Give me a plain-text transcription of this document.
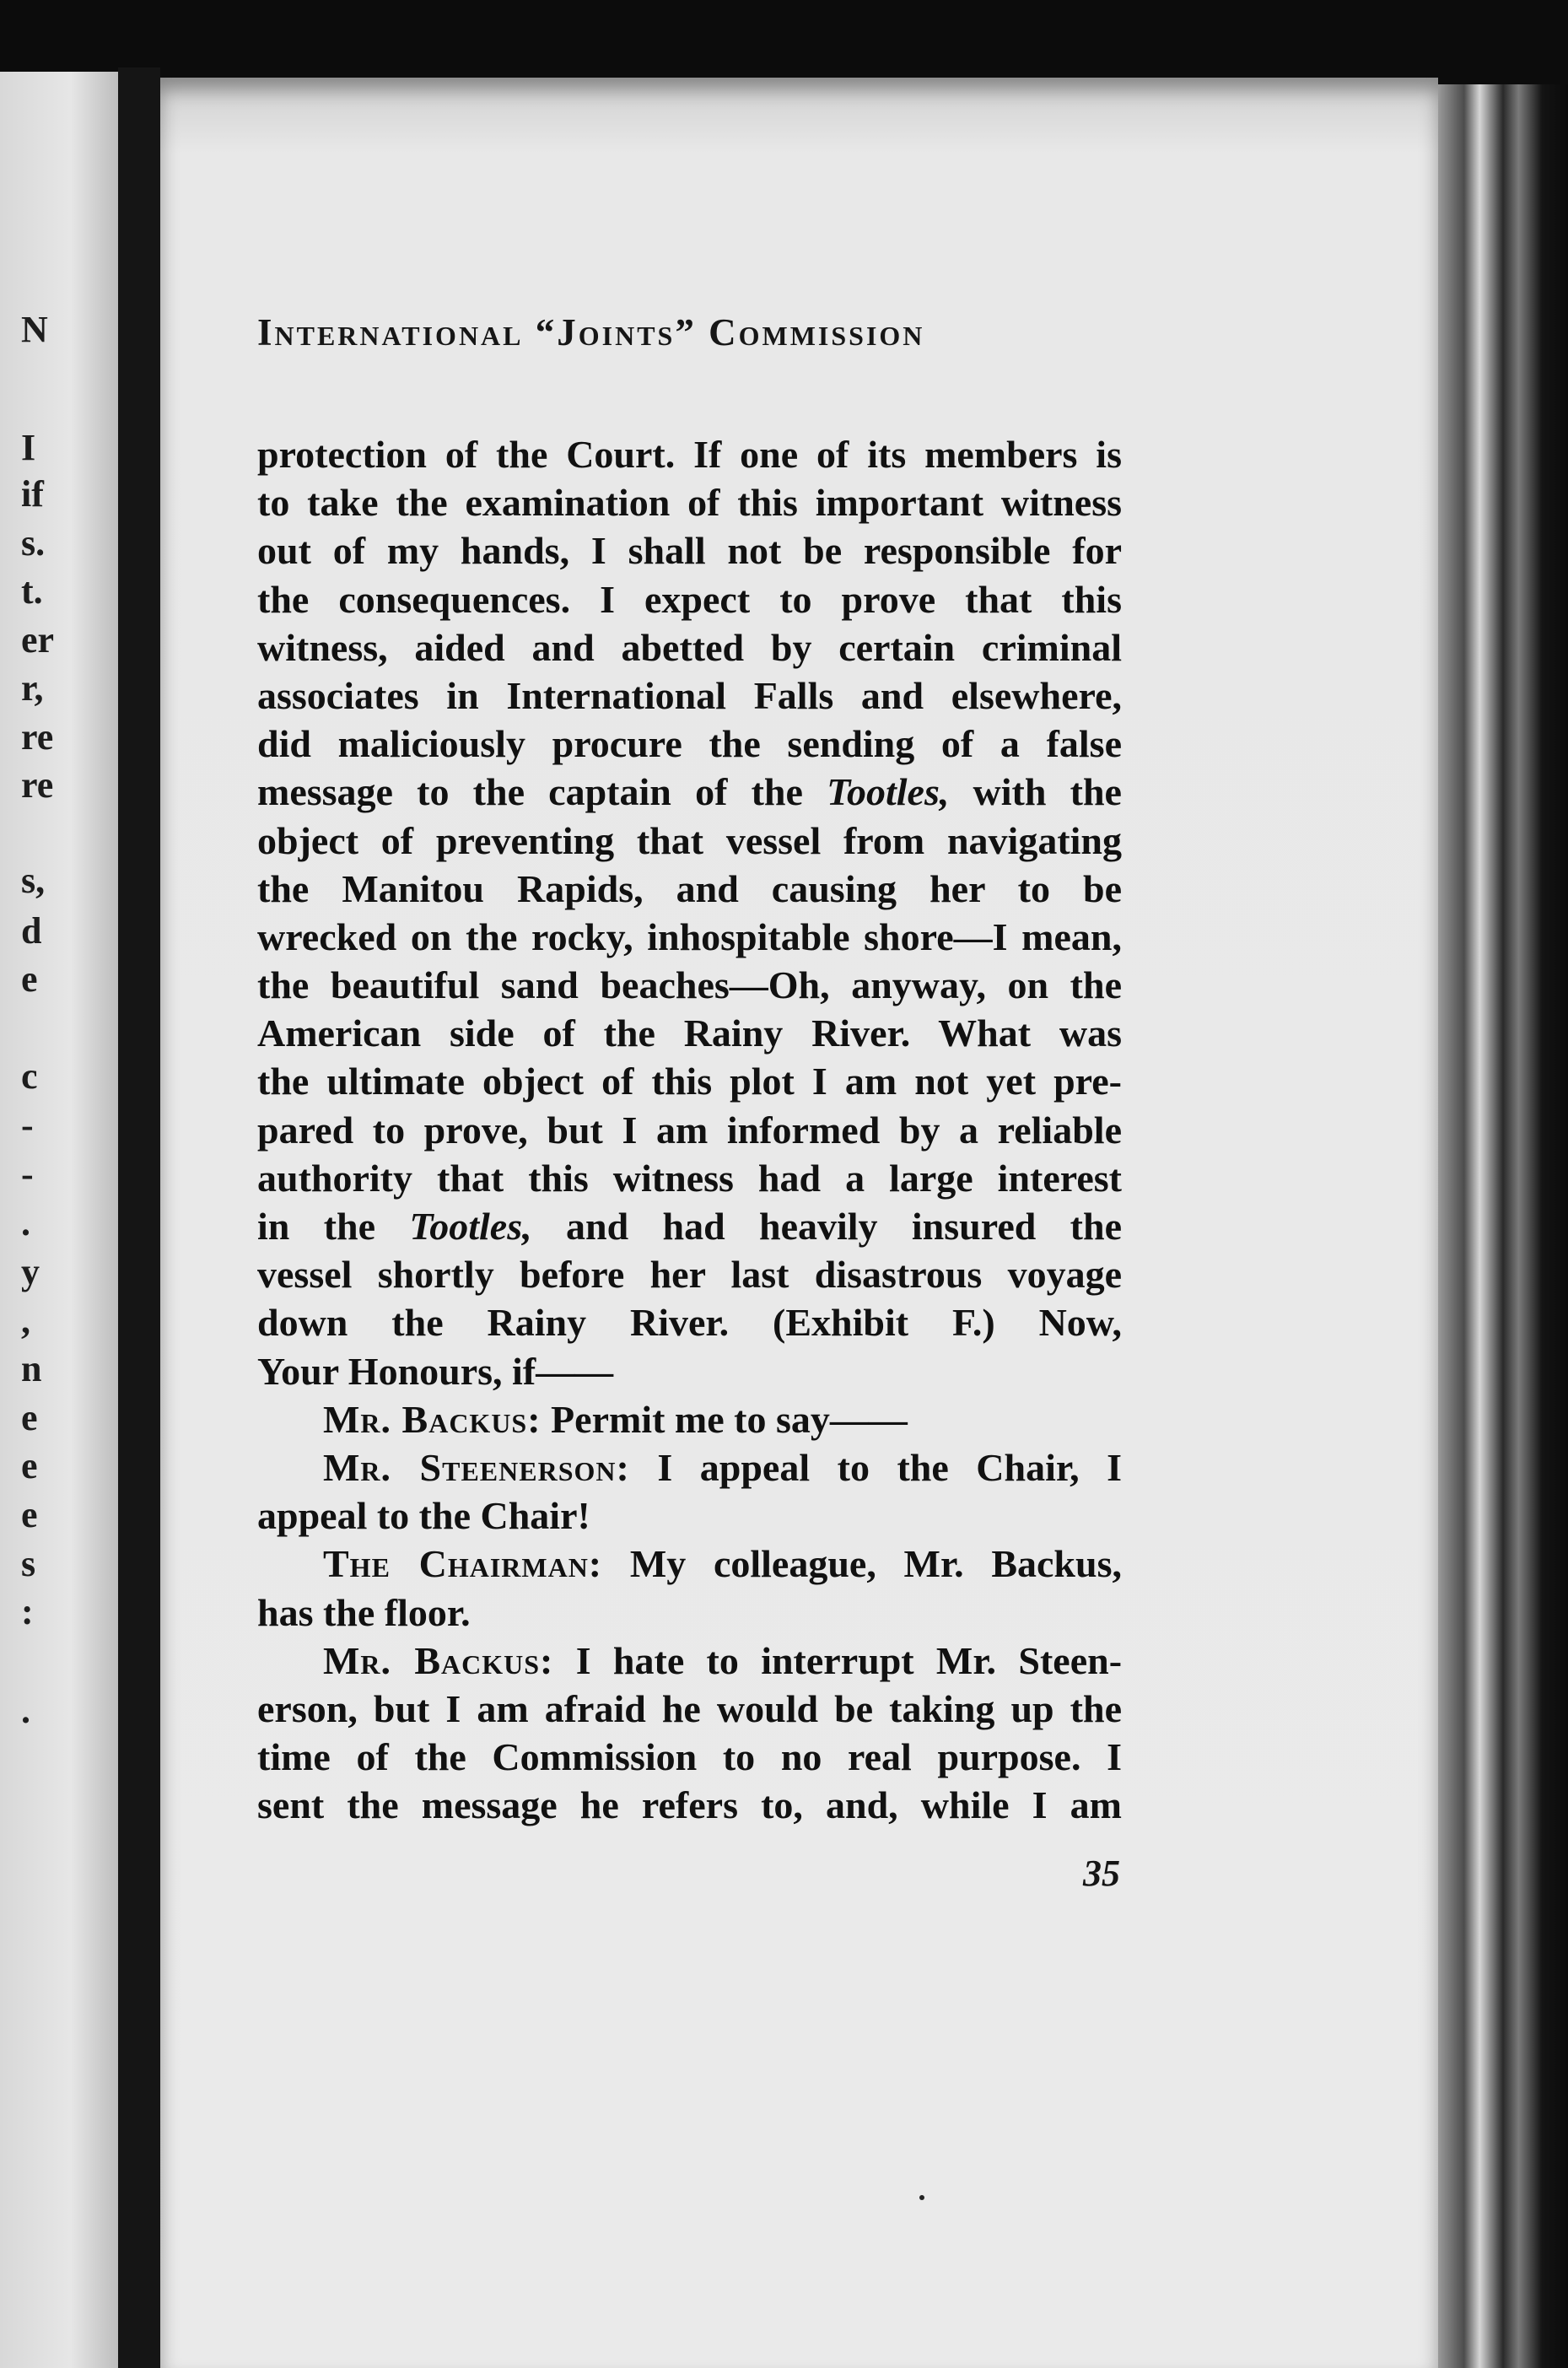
N
I
if
s.
t.
er
r,
re
re
s,
d
e
c
-
-
.
y
,
n
e
e
e
s
:
.
International “Joints” Commission
protection of the Court. If one of its members is
to take the examination of this important witness
out of my hands, I shall not be responsible for
the consequences. I expect to prove that this
witness, aided and abetted by certain criminal
associates in International Falls and elsewhere,
did maliciously procure the sending of a false
message to the captain of the Tootles, with the
object of preventing that vessel from navigating
the Manitou Rapids, and causing her to be
wrecked on the rocky, inhospitable shore—I mean,
the beautiful sand beaches—Oh, anyway, on the
American side of the Rainy River. What was
the ultimate object of this plot I am not yet pre-
pared to prove, but I am informed by a reliable
authority that this witness had a large interest
in the Tootles, and had heavily insured the
vessel shortly before her last disastrous voyage
down the Rainy River. (Exhibit F.) Now,
Your Honours, if——
Mr. Backus: Permit me to say——
Mr. Steenerson: I appeal to the Chair, I
appeal to the Chair!
The Chairman: My colleague, Mr. Backus,
has the floor.
Mr. Backus: I hate to interrupt Mr. Steen-
erson, but I am afraid he would be taking up the
time of the Commission to no real purpose. I
sent the message he refers to, and, while I am
35
